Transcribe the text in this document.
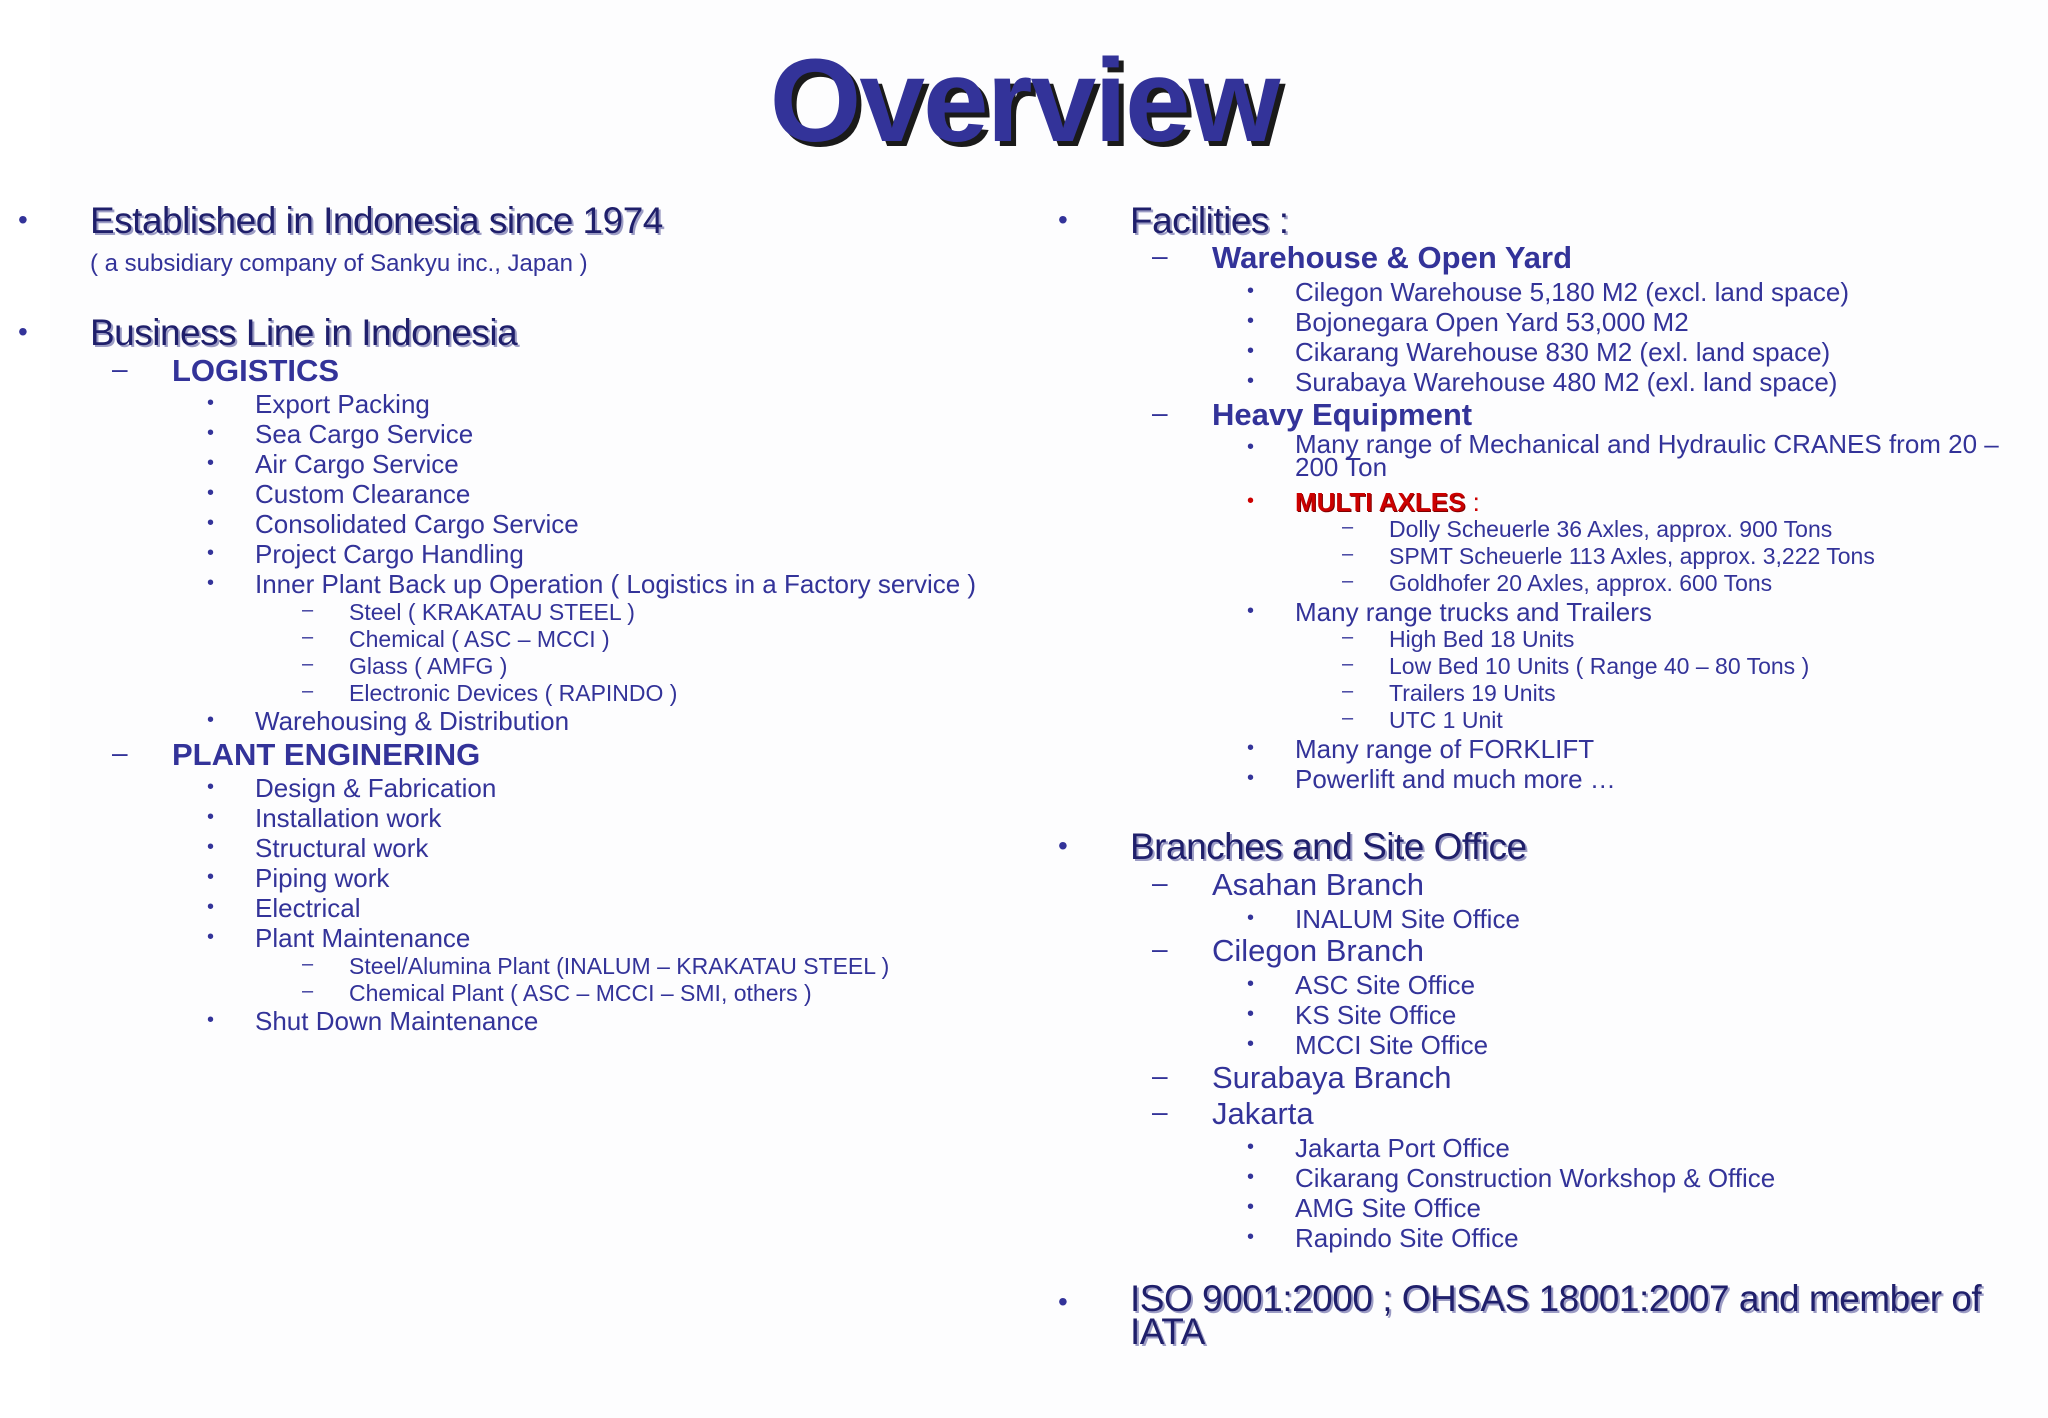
Overview
• Established in Indonesia since 1974
( a subsidiary company of Sankyu inc., Japan )
• Business Line in Indonesia
– LOGISTICS
• Export Packing
• Sea Cargo Service
• Air Cargo Service
• Custom Clearance
• Consolidated Cargo Service
• Project Cargo Handling
• Inner Plant Back up Operation ( Logistics in a Factory service )
– Steel ( KRAKATAU STEEL )
– Chemical ( ASC – MCCI )
– Glass ( AMFG )
– Electronic Devices ( RAPINDO )
• Warehousing & Distribution
– PLANT ENGINERING
• Design & Fabrication
• Installation work
• Structural work
• Piping work
• Electrical
• Plant Maintenance
– Steel/Alumina Plant (INALUM – KRAKATAU STEEL )
– Chemical Plant ( ASC – MCCI – SMI, others )
• Shut Down Maintenance
• Facilities :
– Warehouse & Open Yard
• Cilegon Warehouse 5,180 M2 (excl. land space)
• Bojonegara Open Yard 53,000 M2
• Cikarang Warehouse 830 M2 (exl. land space)
• Surabaya Warehouse 480 M2 (exl. land space)
– Heavy Equipment
• Many range of Mechanical and Hydraulic CRANES from 20 – 200 Ton
• MULTI AXLES :
– Dolly Scheuerle 36 Axles, approx. 900 Tons
– SPMT Scheuerle 113 Axles, approx. 3,222 Tons
– Goldhofer 20 Axles, approx. 600 Tons
• Many range trucks and Trailers
– High Bed 18 Units
– Low Bed 10 Units ( Range 40 – 80 Tons )
– Trailers 19 Units
– UTC 1 Unit
• Many range of FORKLIFT
• Powerlift and much more …
• Branches and Site Office
– Asahan Branch
• INALUM Site Office
– Cilegon Branch
• ASC Site Office
• KS Site Office
• MCCI Site Office
– Surabaya Branch
– Jakarta
• Jakarta Port Office
• Cikarang Construction Workshop & Office
• AMG Site Office
• Rapindo Site Office
• ISO 9001:2000 ; OHSAS 18001:2007 and member of IATA
